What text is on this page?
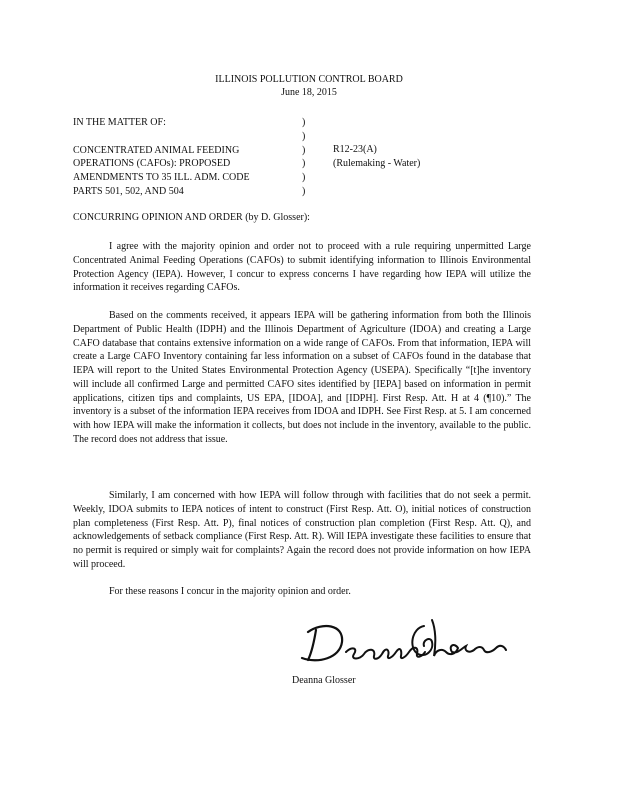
ILLINOIS POLLUTION CONTROL BOARD
June 18, 2015
IN THE MATTER OF:

CONCENTRATED ANIMAL FEEDING
OPERATIONS (CAFOs): PROPOSED
AMENDMENTS TO 35 ILL. ADM. CODE
PARTS 501, 502, AND 504
)
)
)
)
)
)
R12-23(A)
(Rulemaking - Water)
CONCURRING OPINION AND ORDER (by D. Glosser):

I agree with the majority opinion and order not to proceed with a rule requiring unpermitted Large Concentrated Animal Feeding Operations (CAFOs) to submit identifying information to Illinois Environmental Protection Agency (IEPA). However, I concur to express concerns I have regarding how IEPA will utilize the information it receives regarding CAFOs.

Based on the comments received, it appears IEPA will be gathering information from both the Illinois Department of Public Health (IDPH) and the Illinois Department of Agriculture (IDOA) and creating a Large CAFO database that contains extensive information on a wide range of CAFOs. From that information, IEPA will create a Large CAFO Inventory containing far less information on a subset of CAFOs found in the database that IEPA will report to the United States Environmental Protection Agency (USEPA). Specifically “[t]he inventory will include all confirmed Large and permitted CAFO sites identified by [IEPA] based on information in permit applications, citizen tips and complaints, US EPA, [IDOA], and [IDPH]. First Resp. Att. H at 4 (¶10).” The inventory is a subset of the information IEPA receives from IDOA and IDPH. See First Resp. at 5. I am concerned with how IEPA will make the information it collects, but does not include in the inventory, available to the public. The record does not address that issue.

Similarly, I am concerned with how IEPA will follow through with facilities that do not seek a permit. Weekly, IDOA submits to IEPA notices of intent to construct (First Resp. Att. O), initial notices of construction plan completeness (First Resp. Att. P), final notices of construction plan completion (First Resp. Att. Q), and acknowledgements of setback compliance (First Resp. Att. R). Will IEPA investigate these facilities to ensure that no permit is required or simply wait for complaints? Again the record does not provide information on how IEPA will proceed.

For these reasons I concur in the majority opinion and order.

Deanna Glosser
